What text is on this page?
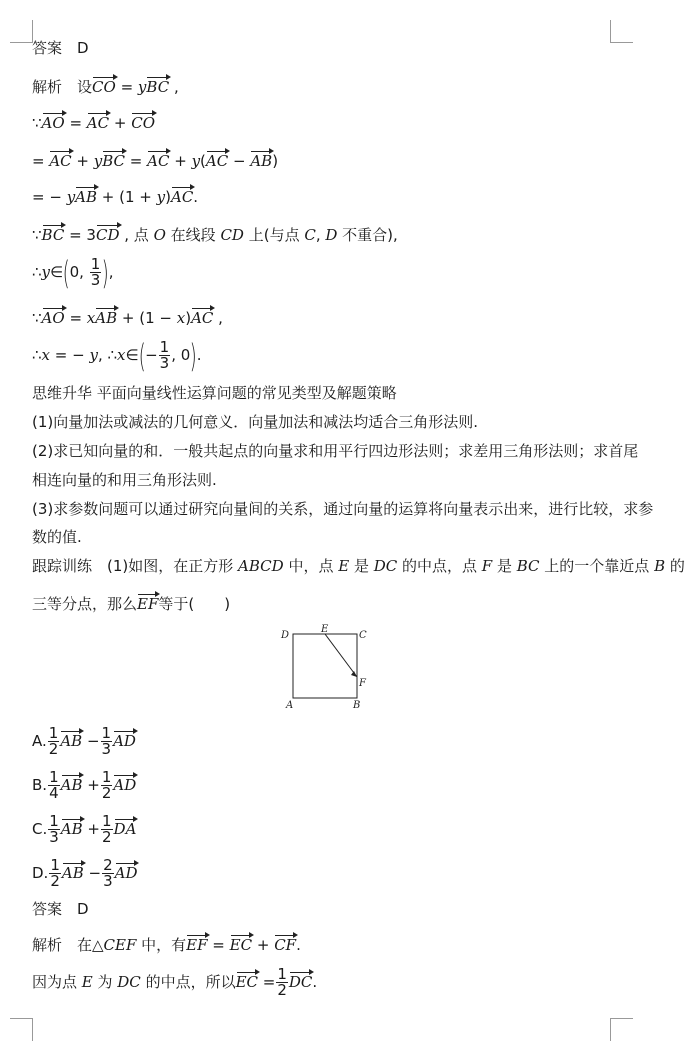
答案　D
解析　设CO = yBC ,
∵AO = AC + CO
= AC + yBC = AC + y(AC − AB)
= − yAB + (1 + y)AC.
∵BC = 3CD , 点 O 在线段 CD 上(与点 C, D 不重合),
∴y∈(0, $\frac{1}{3}$ ),
∵AO = xAB + (1 − x)AC ,
∴x = − y, ∴x∈(− $\frac{1}{3}$ , 0).
思维升华 平面向量线性运算问题的常见类型及解题策略
(1)向量加法或减法的几何意义．向量加法和减法均适合三角形法则.
(2)求已知向量的和．一般共起点的向量求和用平行四边形法则；求差用三角形法则；求首尾
相连向量的和用三角形法则.
(3)求参数问题可以通过研究向量间的关系，通过向量的运算将向量表示出来，进行比较，求参
数的值.
跟踪训练　(1)如图，在正方形 ABCD 中，点 E 是 DC 的中点，点 F 是 BC 上的一个靠近点 B 的
三等分点，那么EF等于(　　)
D
E
C
F
A	B
A. $\frac{1}{2}$ AB − $\frac{1}{3}$ AD
B. $\frac{1}{4}$ AB + $\frac{1}{2}$ AD
C. $\frac{1}{3}$ AB + $\frac{1}{2}$ DA
D. $\frac{1}{2}$ AB − $\frac{2}{3}$ AD
答案　D
解析　在△CEF 中，有EF = EC + CF.
因为点 E 为 DC 的中点，所以EC = $\frac{1}{2}$ DC.
